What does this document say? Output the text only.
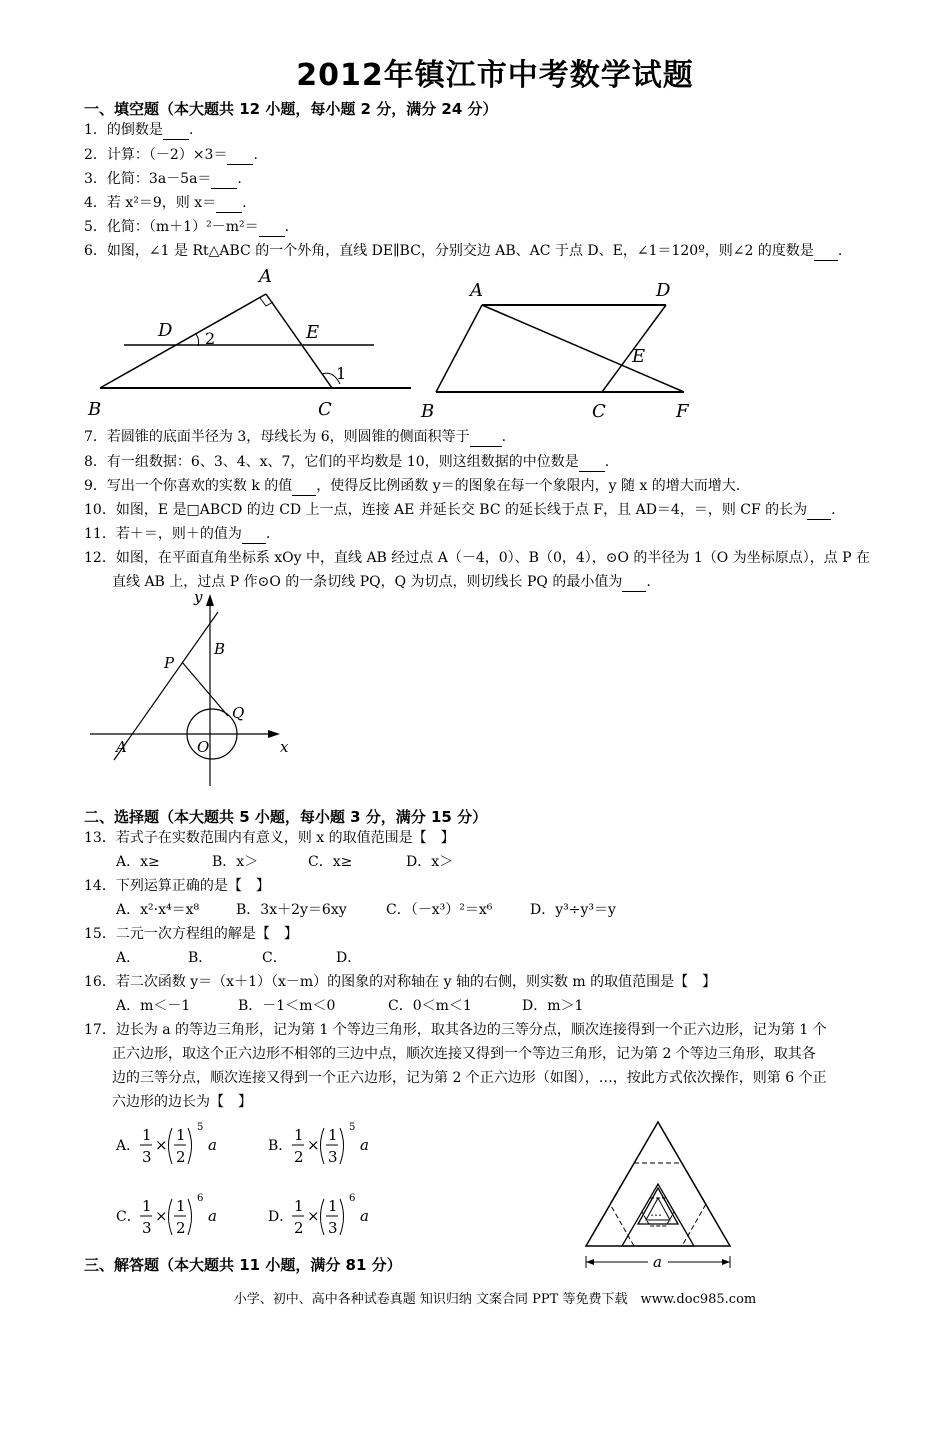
2012年镇江市中考数学试题
一、填空题（本大题共 12 小题，每小题 2 分，满分 24 分）
1．的倒数是 .
2．计算：（－2）×3＝ .
3．化简：3a－5a＝ .
4．若 x²＝9，则 x＝ .
5．化简：（m＋1）²－m²＝ .
6．如图，∠1 是 Rt△ABC 的一个外角，直线 DE∥BC，分别交边 AB、AC 于点 D、E，∠1＝120º，则∠2 的度数是 .
A
B	C
D	E
2
1
A	D
E
B	C	F
7．若圆锥的底面半径为 3，母线长为 6，则圆锥的侧面积等于 .
8．有一组数据：6、3、4、x、7，它们的平均数是 10，则这组数据的中位数是 .
9．写出一个你喜欢的实数 k 的值 ，使得反比例函数 y＝的图象在每一个象限内，y 随 x 的增大而增大.
10．如图，E 是□ABCD 的边 CD 上一点，连接 AE 并延长交 BC 的延长线于点 F，且 AD＝4，＝，则 CF 的长为 .
11．若＋＝，则＋的值为 .
12．如图，在平面直角坐标系 xOy 中，直线 AB 经过点 A（－4，0）、B（0，4），⊙O 的半径为 1（O 为坐标原点），点 P 在
直线 AB 上，过点 P 作⊙O 的一条切线 PQ，Q 为切点，则切线长 PQ 的最小值为 .
y
x
B
P
Q
A	O
二、选择题（本大题共 5 小题，每小题 3 分，满分 15 分）
13．若式子在实数范围内有意义，则 x 的取值范围是【　】
A．x≥	B．x＞	C．x≥	D．x＞
14．下列运算正确的是【　】
A．x²·x⁴＝x⁸	B．3x＋2y＝6xy	C．（－x³）²＝x⁶	D．y³÷y³＝y
15．二元一次方程组的解是【　】
A．	B．	C．	D．
16．若二次函数 y＝（x＋1）（x－m）的图象的对称轴在 y 轴的右侧，则实数 m 的取值范围是【　】
A．m＜－1	B．－1＜m＜0	C．0＜m＜1	D．m＞1
17．边长为 a 的等边三角形，记为第 1 个等边三角形，取其各边的三等分点，顺次连接得到一个正六边形，记为第 1 个
正六边形，取这个正六边形不相邻的三边中点，顺次连接又得到一个等边三角形，记为第 2 个等边三角形，取其各
边的三等分点，顺次连接又得到一个正六边形，记为第 2 个正六边形（如图），…，按此方式依次操作，则第 6 个正
六边形的边长为【　】
A．
1
3
×
1
2
5
a	B．
1
2
×
1
3
5
a
C．
1
3
×
1
2
6
a	D．
1
2
×
1
3
6
a	…
a
三、解答题（本大题共 11 小题，满分 81 分）
小学、初中、高中各种试卷真题 知识归纳 文案合同 PPT 等免费下载　www.doc985.com
